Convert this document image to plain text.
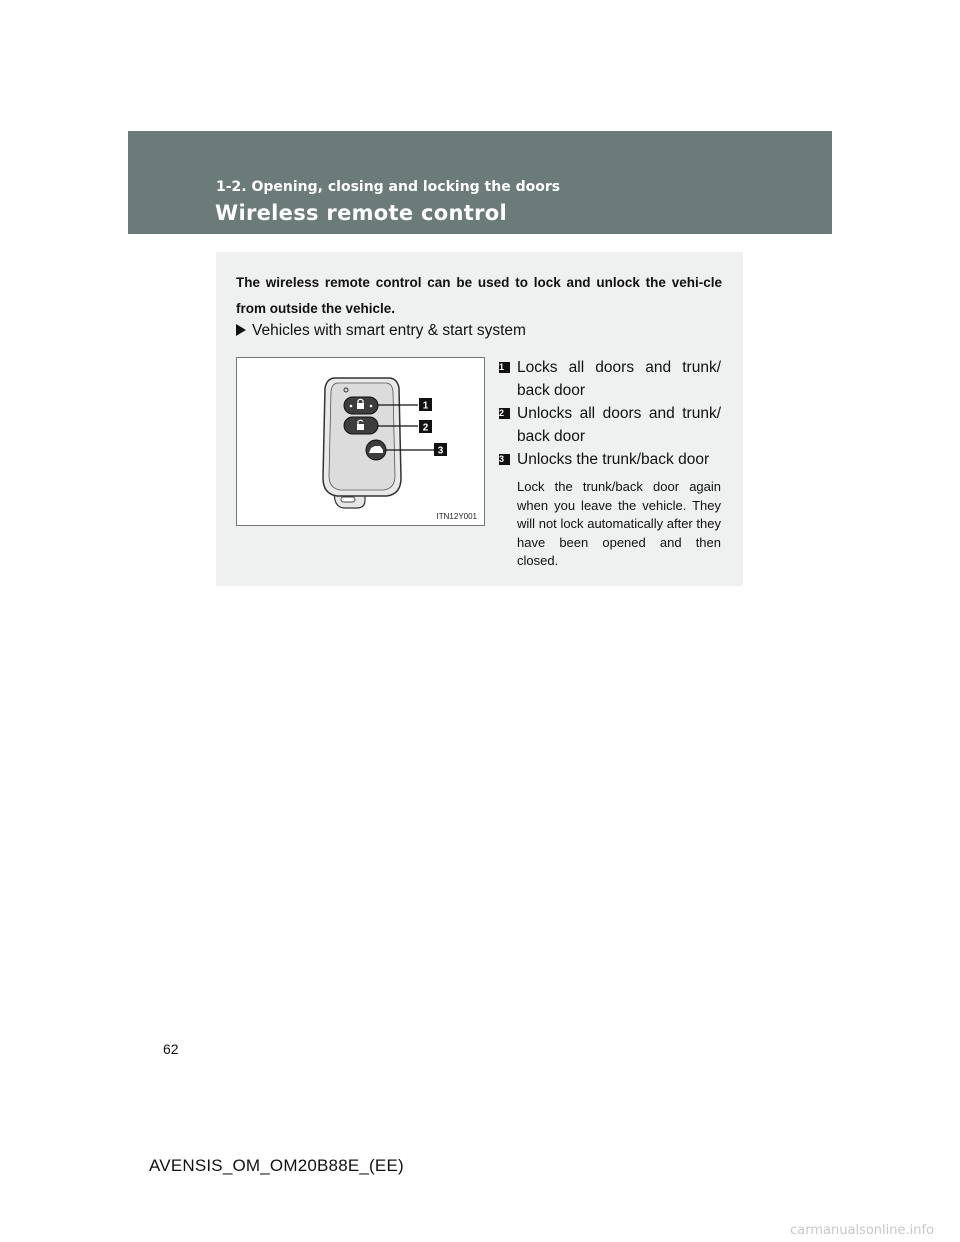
1-2. Opening, closing and locking the doors
Wireless remote control
The wireless remote control can be used to lock and unlock the vehi-cle from outside the vehicle.
Vehicles with smart entry & start system
1
2
3
ITN12Y001
1 Locks all doors and trunk/ back door
2 Unlocks all doors and trunk/ back door
3 Unlocks the trunk/back door
Lock the trunk/back door again when you leave the vehicle. They will not lock automatically after they have been opened and then closed.
62
AVENSIS_OM_OM20B88E_(EE)
carmanualsonline.info
